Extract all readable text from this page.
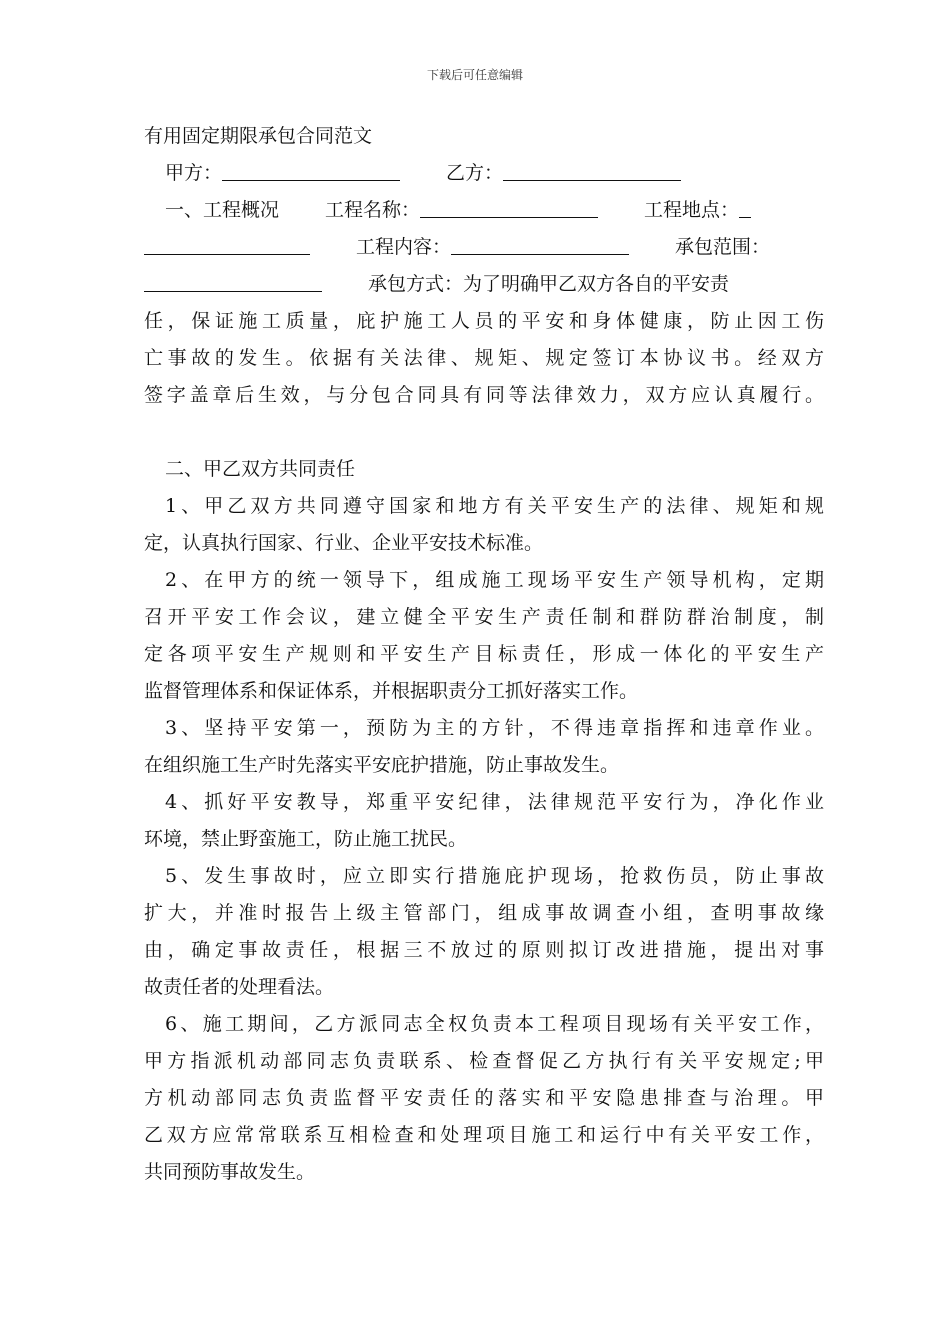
下载后可任意编辑
有用固定期限承包合同范文
甲方：	乙方：
一、工程概况 工程名称：	工程地点：
工程内容：	承包范围：
承包方式：为了明确甲乙双方各自的平安责
任，保证施工质量，庇护施工人员的平安和身体健康，防止因工伤
亡事故的发生。依据有关法律、规矩、规定签订本协议书。经双方
签字盖章后生效，与分包合同具有同等法律效力，双方应认真履行。
二、甲乙双方共同责任
1、甲乙双方共同遵守国家和地方有关平安生产的法律、规矩和规
定，认真执行国家、行业、企业平安技术标准。
2、在甲方的统一领导下，组成施工现场平安生产领导机构，定期
召开平安工作会议，建立健全平安生产责任制和群防群治制度，制
定各项平安生产规则和平安生产目标责任，形成一体化的平安生产
监督管理体系和保证体系，并根据职责分工抓好落实工作。
3、坚持平安第一，预防为主的方针，不得违章指挥和违章作业。
在组织施工生产时先落实平安庇护措施，防止事故发生。
4、抓好平安教导，郑重平安纪律，法律规范平安行为，净化作业
环境，禁止野蛮施工，防止施工扰民。
5、发生事故时，应立即实行措施庇护现场，抢救伤员，防止事故
扩大，并准时报告上级主管部门，组成事故调查小组，查明事故缘
由，确定事故责任，根据三不放过的原则拟订改进措施，提出对事
故责任者的处理看法。
6、施工期间，乙方派同志全权负责本工程项目现场有关平安工作，
甲方指派机动部同志负责联系、检查督促乙方执行有关平安规定;甲
方机动部同志负责监督平安责任的落实和平安隐患排查与治理。甲
乙双方应常常联系互相检查和处理项目施工和运行中有关平安工作，
共同预防事故发生。
